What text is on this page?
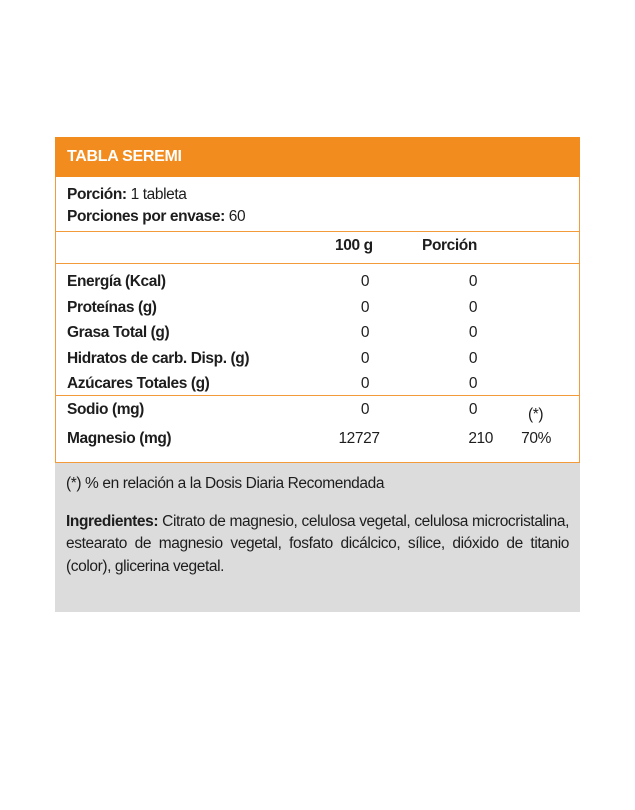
TABLA SEREMI
Porción: 1 tableta
Porciones por envase: 60
100 g	Porción
Energía (Kcal)	0	0
Proteínas (g)	0	0
Grasa Total (g)	0	0
Hidratos de carb. Disp. (g)	0	0
Azúcares Totales (g)	0	0
Sodio (mg)	0	0	(*)
Magnesio (mg)	12727	210	70%
(*) % en relación a la Dosis Diaria Recomendada
Ingredientes: Citrato de magnesio, celulosa vegetal, celulosa microcristalina, estearato de magnesio vegetal, fosfato dicálcico, sílice, dióxido de titanio (color), glicerina vegetal.
